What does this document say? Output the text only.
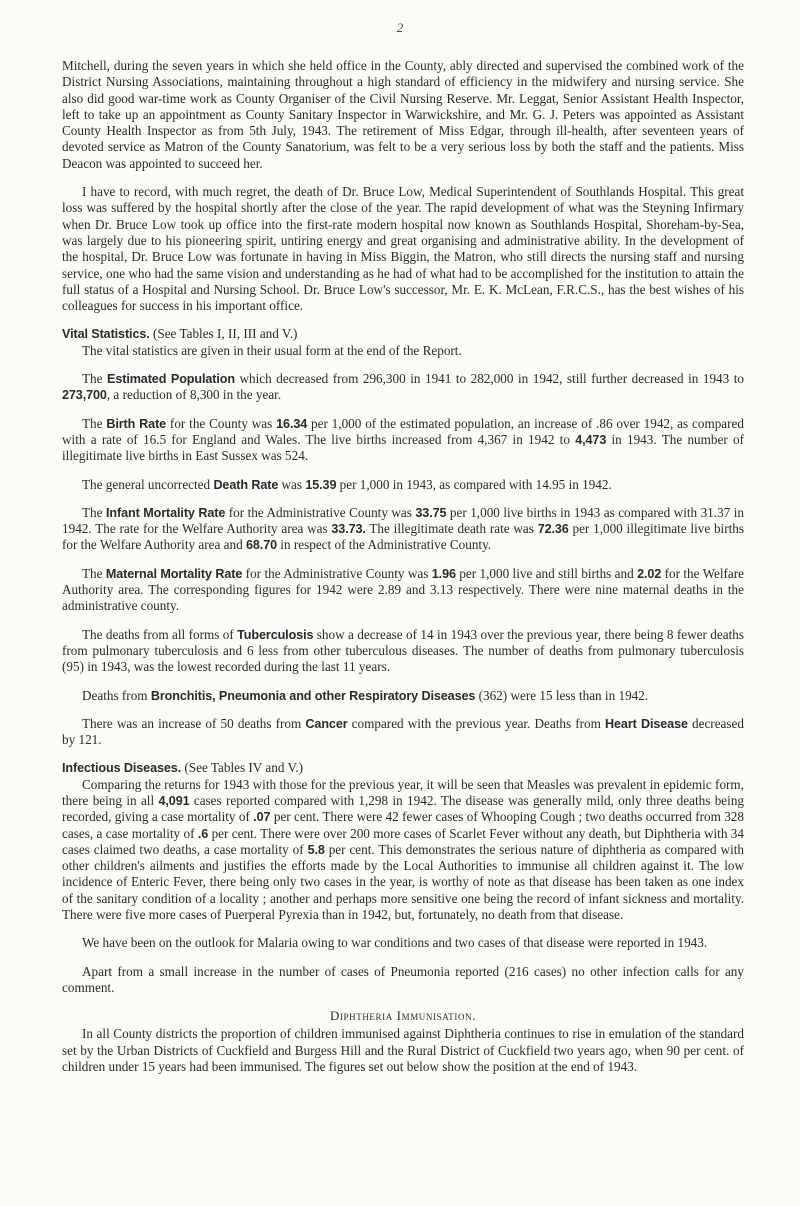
2

Mitchell, during the seven years in which she held office in the County, ably directed and supervised the combined work of the District Nursing Associations, maintaining throughout a high standard of efficiency in the midwifery and nursing service. She also did good war-time work as County Organiser of the Civil Nursing Reserve. Mr. Leggat, Senior Assistant Health Inspector, left to take up an appointment as County Sanitary Inspector in Warwickshire, and Mr. G. J. Peters was appointed as Assistant County Health Inspector as from 5th July, 1943. The retirement of Miss Edgar, through ill-health, after seventeen years of devoted service as Matron of the County Sanatorium, was felt to be a very serious loss by both the staff and the patients. Miss Deacon was appointed to succeed her.

I have to record, with much regret, the death of Dr. Bruce Low, Medical Superintendent of Southlands Hospital. This great loss was suffered by the hospital shortly after the close of the year. The rapid development of what was the Steyning Infirmary when Dr. Bruce Low took up office into the first-rate modern hospital now known as Southlands Hospital, Shoreham-by-Sea, was largely due to his pioneering spirit, untiring energy and great organising and administrative ability. In the development of the hospital, Dr. Bruce Low was fortunate in having in Miss Biggin, the Matron, who still directs the nursing staff and nursing service, one who had the same vision and understanding as he had of what had to be accomplished for the institution to attain the full status of a Hospital and Nursing School. Dr. Bruce Low's successor, Mr. E. K. McLean, F.R.C.S., has the best wishes of his colleagues for success in his important office.

Vital Statistics. (See Tables I, II, III and V.)

The vital statistics are given in their usual form at the end of the Report.

The Estimated Population which decreased from 296,300 in 1941 to 282,000 in 1942, still further decreased in 1943 to 273,700, a reduction of 8,300 in the year.

The Birth Rate for the County was 16.34 per 1,000 of the estimated population, an increase of .86 over 1942, as compared with a rate of 16.5 for England and Wales. The live births increased from 4,367 in 1942 to 4,473 in 1943. The number of illegitimate live births in East Sussex was 524.

The general uncorrected Death Rate was 15.39 per 1,000 in 1943, as compared with 14.95 in 1942.

The Infant Mortality Rate for the Administrative County was 33.75 per 1,000 live births in 1943 as compared with 31.37 in 1942. The rate for the Welfare Authority area was 33.73. The illegitimate death rate was 72.36 per 1,000 illegitimate live births for the Welfare Authority area and 68.70 in respect of the Administrative County.

The Maternal Mortality Rate for the Administrative County was 1.96 per 1,000 live and still births and 2.02 for the Welfare Authority area. The corresponding figures for 1942 were 2.89 and 3.13 respectively. There were nine maternal deaths in the administrative county.

The deaths from all forms of Tuberculosis show a decrease of 14 in 1943 over the previous year, there being 8 fewer deaths from pulmonary tuberculosis and 6 less from other tuberculous diseases. The number of deaths from pulmonary tuberculosis (95) in 1943, was the lowest recorded during the last 11 years.

Deaths from Bronchitis, Pneumonia and other Respiratory Diseases (362) were 15 less than in 1942.

There was an increase of 50 deaths from Cancer compared with the previous year. Deaths from Heart Disease decreased by 121.

Infectious Diseases. (See Tables IV and V.)

Comparing the returns for 1943 with those for the previous year, it will be seen that Measles was prevalent in epidemic form, there being in all 4,091 cases reported compared with 1,298 in 1942. The disease was generally mild, only three deaths being recorded, giving a case mortality of .07 per cent. There were 42 fewer cases of Whooping Cough ; two deaths occurred from 328 cases, a case mortality of .6 per cent. There were over 200 more cases of Scarlet Fever without any death, but Diphtheria with 34 cases claimed two deaths, a case mortality of 5.8 per cent. This demonstrates the serious nature of diphtheria as compared with other children's ailments and justifies the efforts made by the Local Authorities to immunise all children against it. The low incidence of Enteric Fever, there being only two cases in the year, is worthy of note as that disease has been taken as one index of the sanitary condition of a locality ; another and perhaps more sensitive one being the record of infant sickness and mortality. There were five more cases of Puerperal Pyrexia than in 1942, but, fortunately, no death from that disease.

We have been on the outlook for Malaria owing to war conditions and two cases of that disease were reported in 1943.

Apart from a small increase in the number of cases of Pneumonia reported (216 cases) no other infection calls for any comment.

Diphtheria Immunisation.

In all County districts the proportion of children immunised against Diphtheria continues to rise in emulation of the standard set by the Urban Districts of Cuckfield and Burgess Hill and the Rural District of Cuckfield two years ago, when 90 per cent. of children under 15 years had been immunised. The figures set out below show the position at the end of 1943.
